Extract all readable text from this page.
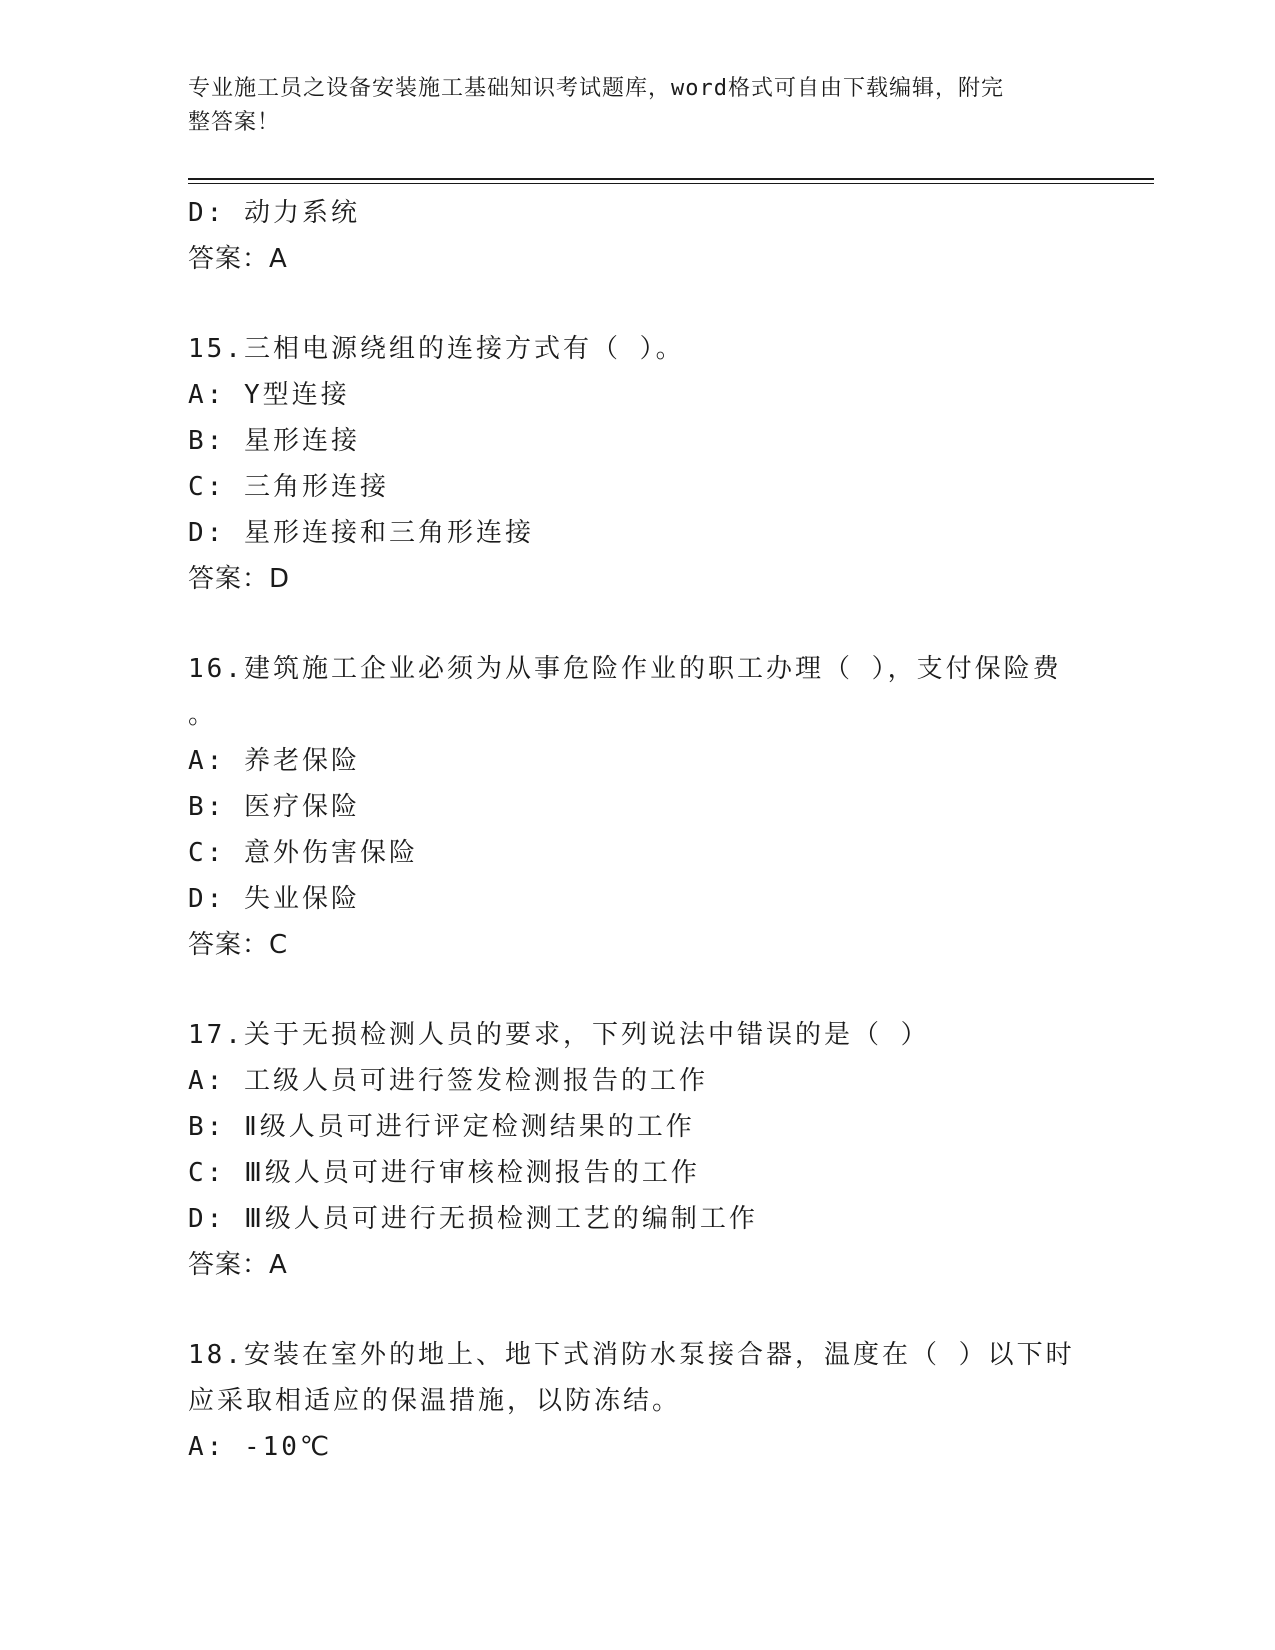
专业施工员之设备安装施工基础知识考试题库，word格式可自由下载编辑，附完
整答案！
D: 动力系统
答案：A
15.三相电源绕组的连接方式有（ ）。
A: Y型连接
B: 星形连接
C: 三角形连接
D: 星形连接和三角形连接
答案：D
16.建筑施工企业必须为从事危险作业的职工办理（ ），支付保险费
。
A: 养老保险
B: 医疗保险
C: 意外伤害保险
D: 失业保险
答案：C
17.关于无损检测人员的要求，下列说法中错误的是（ ）
A: 工级人员可进行签发检测报告的工作
B: Ⅱ级人员可进行评定检测结果的工作
C: Ⅲ级人员可进行审核检测报告的工作
D: Ⅲ级人员可进行无损检测工艺的编制工作
答案：A
18.安装在室外的地上、地下式消防水泵接合器，温度在（ ）以下时
应采取相适应的保温措施，以防冻结。
A: -10℃
